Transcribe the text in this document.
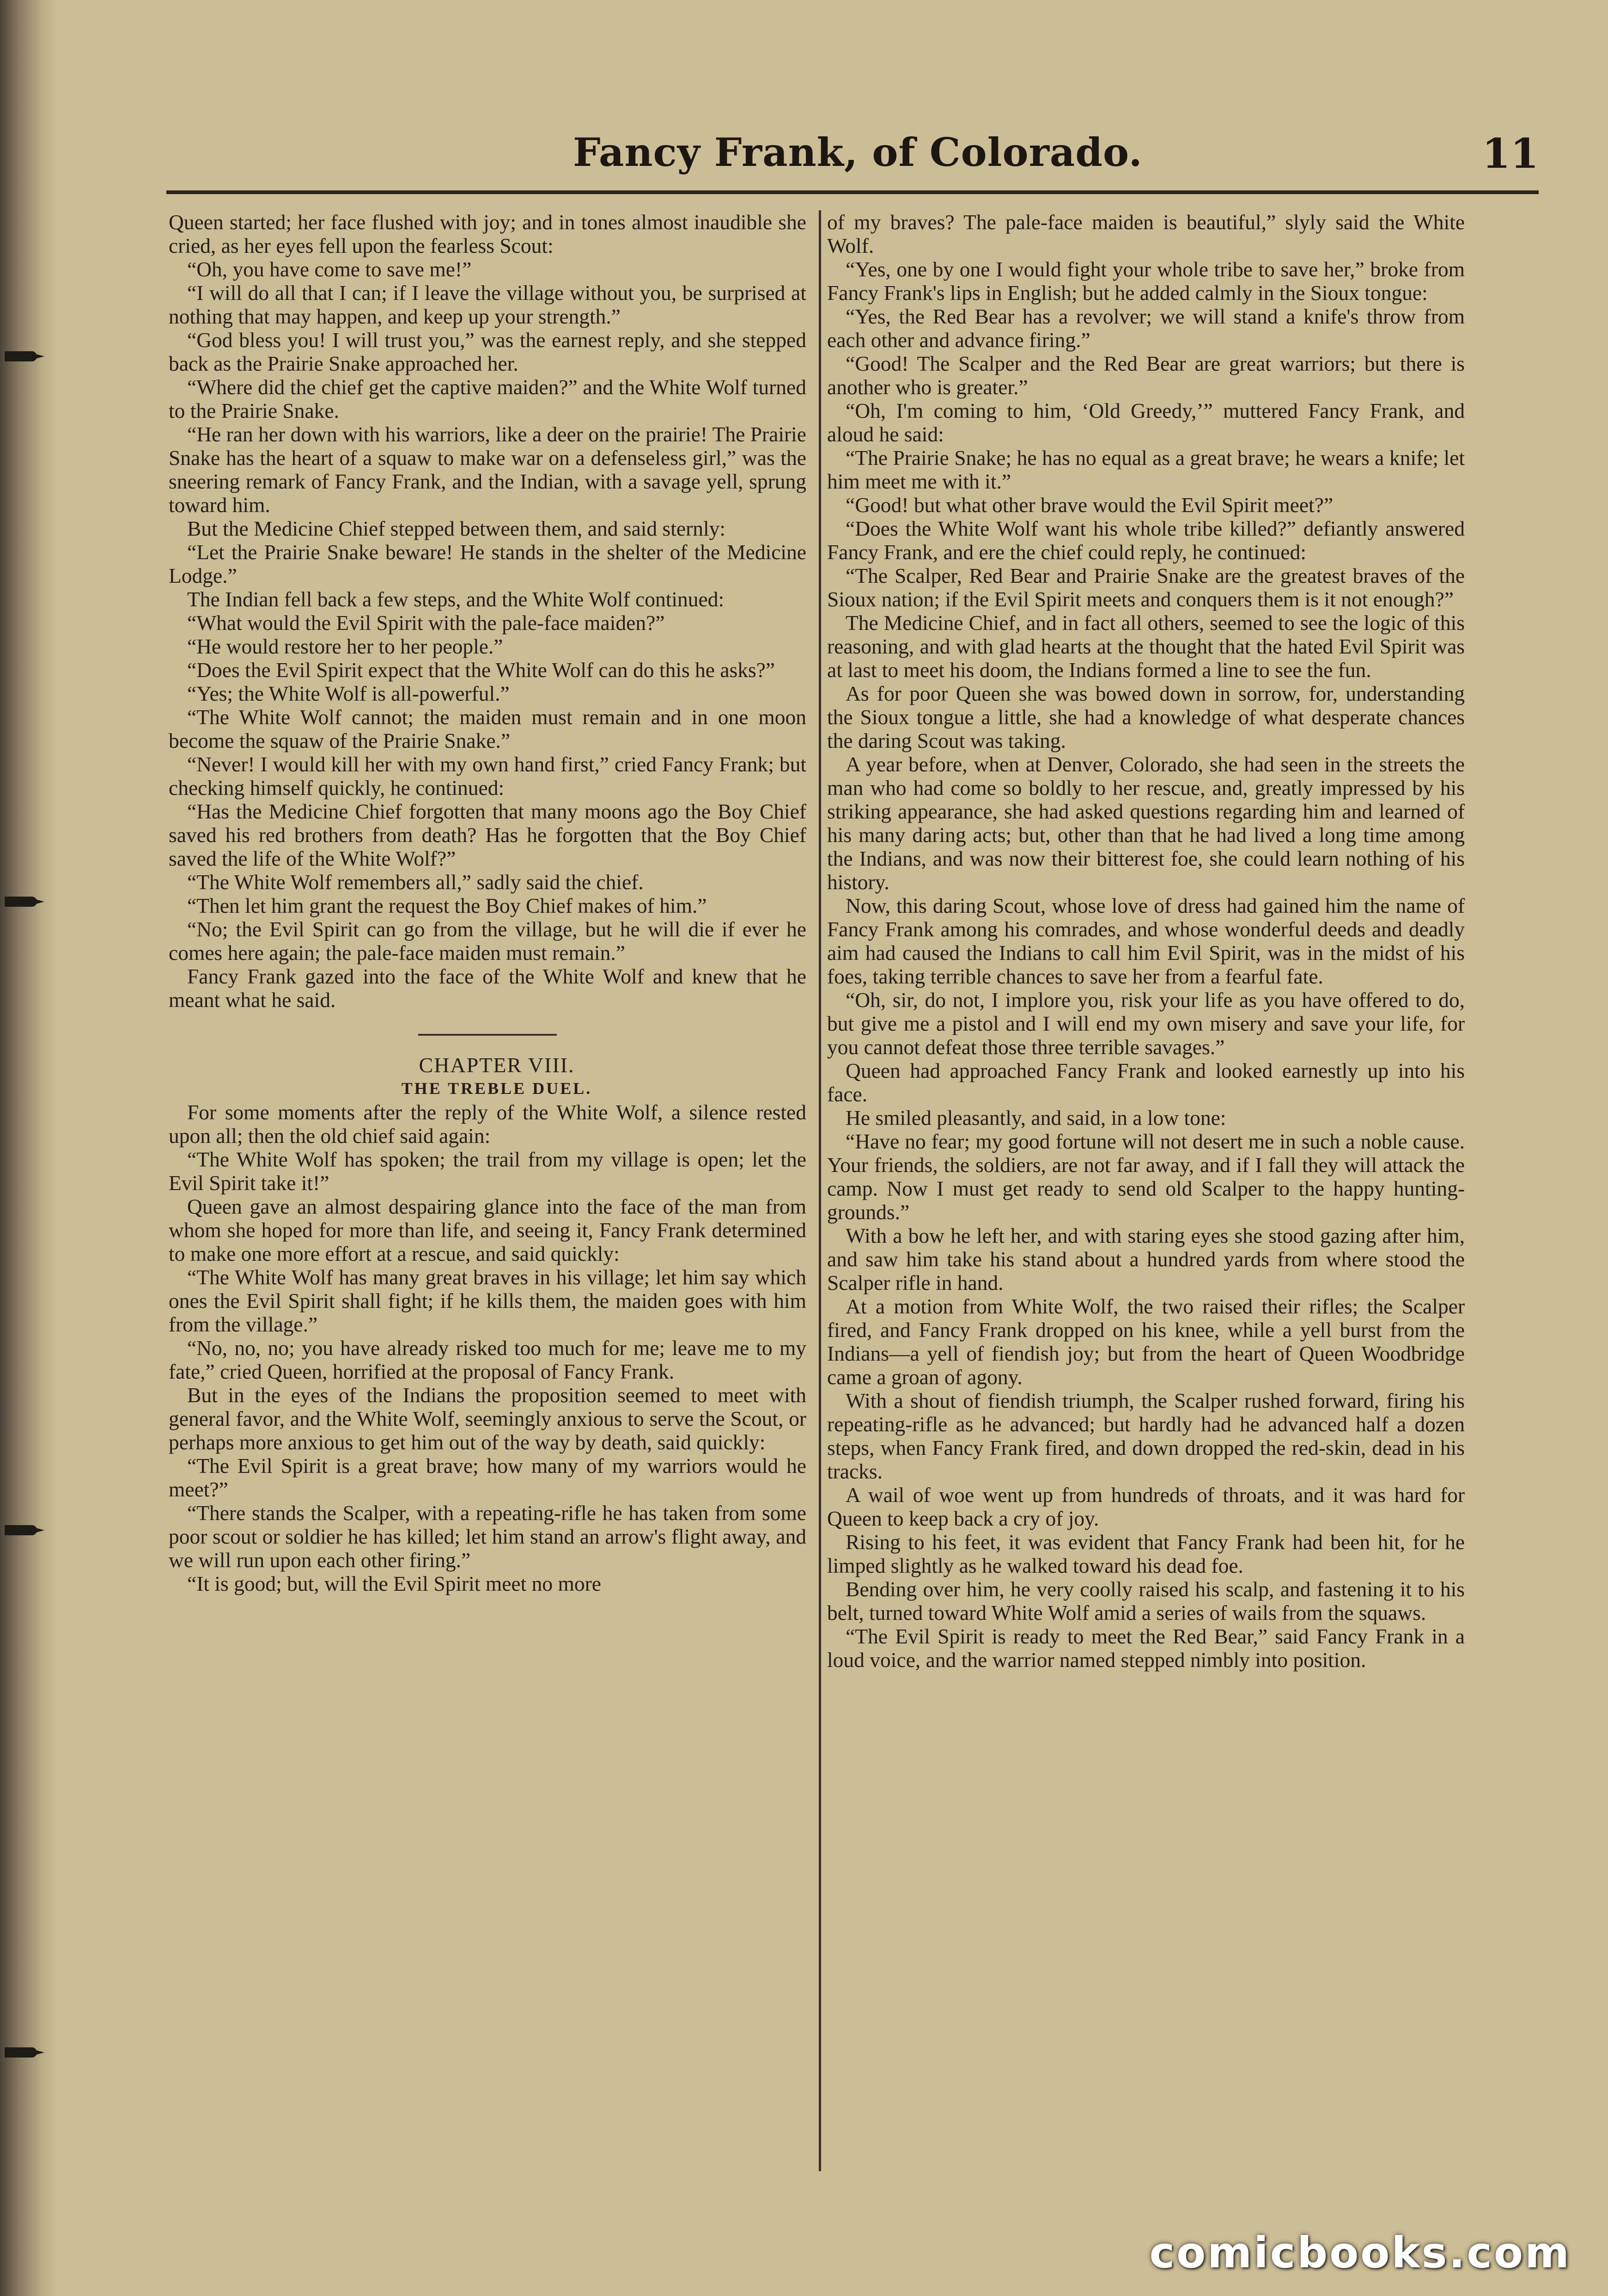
Fancy Frank, of Colorado.	11

Queen started; her face flushed with joy; and in tones almost inaudible she cried, as her eyes fell upon the fearless Scout:

“Oh, you have come to save me!”

“I will do all that I can; if I leave the village without you, be surprised at nothing that may happen, and keep up your strength.”

“God bless you! I will trust you,” was the earnest reply, and she stepped back as the Prairie Snake approached her.

“Where did the chief get the captive maiden?” and the White Wolf turned to the Prairie Snake.

“He ran her down with his warriors, like a deer on the prairie! The Prairie Snake has the heart of a squaw to make war on a defenseless girl,” was the sneering remark of Fancy Frank, and the Indian, with a savage yell, sprung toward him.

But the Medicine Chief stepped between them, and said sternly:

“Let the Prairie Snake beware! He stands in the shelter of the Medicine Lodge.”

The Indian fell back a few steps, and the White Wolf continued:

“What would the Evil Spirit with the pale-face maiden?”

“He would restore her to her people.”

“Does the Evil Spirit expect that the White Wolf can do this he asks?”

“Yes; the White Wolf is all-powerful.”

“The White Wolf cannot; the maiden must remain and in one moon become the squaw of the Prairie Snake.”

“Never! I would kill her with my own hand first,” cried Fancy Frank; but checking himself quickly, he continued:

“Has the Medicine Chief forgotten that many moons ago the Boy Chief saved his red brothers from death? Has he forgotten that the Boy Chief saved the life of the White Wolf?”

“The White Wolf remembers all,” sadly said the chief.

“Then let him grant the request the Boy Chief makes of him.”

“No; the Evil Spirit can go from the village, but he will die if ever he comes here again; the pale-face maiden must remain.”

Fancy Frank gazed into the face of the White Wolf and knew that he meant what he said.

CHAPTER VIII.

THE TREBLE DUEL.

For some moments after the reply of the White Wolf, a silence rested upon all; then the old chief said again:

“The White Wolf has spoken; the trail from my village is open; let the Evil Spirit take it!”

Queen gave an almost despairing glance into the face of the man from whom she hoped for more than life, and seeing it, Fancy Frank determined to make one more effort at a rescue, and said quickly:

“The White Wolf has many great braves in his village; let him say which ones the Evil Spirit shall fight; if he kills them, the maiden goes with him from the village.”

“No, no, no; you have already risked too much for me; leave me to my fate,” cried Queen, horrified at the proposal of Fancy Frank.

But in the eyes of the Indians the proposition seemed to meet with general favor, and the White Wolf, seemingly anxious to serve the Scout, or perhaps more anxious to get him out of the way by death, said quickly:

“The Evil Spirit is a great brave; how many of my warriors would he meet?”

“There stands the Scalper, with a repeating-rifle he has taken from some poor scout or soldier he has killed; let him stand an arrow's flight away, and we will run upon each other firing.”

“It is good; but, will the Evil Spirit meet no more

of my braves? The pale-face maiden is beautiful,” slyly said the White Wolf.

“Yes, one by one I would fight your whole tribe to save her,” broke from Fancy Frank's lips in English; but he added calmly in the Sioux tongue:

“Yes, the Red Bear has a revolver; we will stand a knife's throw from each other and advance firing.”

“Good! The Scalper and the Red Bear are great warriors; but there is another who is greater.”

“Oh, I'm coming to him, ‘Old Greedy,’” muttered Fancy Frank, and aloud he said:

“The Prairie Snake; he has no equal as a great brave; he wears a knife; let him meet me with it.”

“Good! but what other brave would the Evil Spirit meet?”

“Does the White Wolf want his whole tribe killed?” defiantly answered Fancy Frank, and ere the chief could reply, he continued:

“The Scalper, Red Bear and Prairie Snake are the greatest braves of the Sioux nation; if the Evil Spirit meets and conquers them is it not enough?”

The Medicine Chief, and in fact all others, seemed to see the logic of this reasoning, and with glad hearts at the thought that the hated Evil Spirit was at last to meet his doom, the Indians formed a line to see the fun.

As for poor Queen she was bowed down in sorrow, for, understanding the Sioux tongue a little, she had a knowledge of what desperate chances the daring Scout was taking.

A year before, when at Denver, Colorado, she had seen in the streets the man who had come so boldly to her rescue, and, greatly impressed by his striking appearance, she had asked questions regarding him and learned of his many daring acts; but, other than that he had lived a long time among the Indians, and was now their bitterest foe, she could learn nothing of his history.

Now, this daring Scout, whose love of dress had gained him the name of Fancy Frank among his comrades, and whose wonderful deeds and deadly aim had caused the Indians to call him Evil Spirit, was in the midst of his foes, taking terrible chances to save her from a fearful fate.

“Oh, sir, do not, I implore you, risk your life as you have offered to do, but give me a pistol and I will end my own misery and save your life, for you cannot defeat those three terrible savages.”

Queen had approached Fancy Frank and looked earnestly up into his face.

He smiled pleasantly, and said, in a low tone:

“Have no fear; my good fortune will not desert me in such a noble cause. Your friends, the soldiers, are not far away, and if I fall they will attack the camp. Now I must get ready to send old Scalper to the happy hunting-grounds.”

With a bow he left her, and with staring eyes she stood gazing after him, and saw him take his stand about a hundred yards from where stood the Scalper rifle in hand.

At a motion from White Wolf, the two raised their rifles; the Scalper fired, and Fancy Frank dropped on his knee, while a yell burst from the Indians—a yell of fiendish joy; but from the heart of Queen Woodbridge came a groan of agony.

With a shout of fiendish triumph, the Scalper rushed forward, firing his repeating-rifle as he advanced; but hardly had he advanced half a dozen steps, when Fancy Frank fired, and down dropped the red-skin, dead in his tracks.

A wail of woe went up from hundreds of throats, and it was hard for Queen to keep back a cry of joy.

Rising to his feet, it was evident that Fancy Frank had been hit, for he limped slightly as he walked toward his dead foe.

Bending over him, he very coolly raised his scalp, and fastening it to his belt, turned toward White Wolf amid a series of wails from the squaws.

“The Evil Spirit is ready to meet the Red Bear,” said Fancy Frank in a loud voice, and the warrior named stepped nimbly into position.

comicbooks.com
